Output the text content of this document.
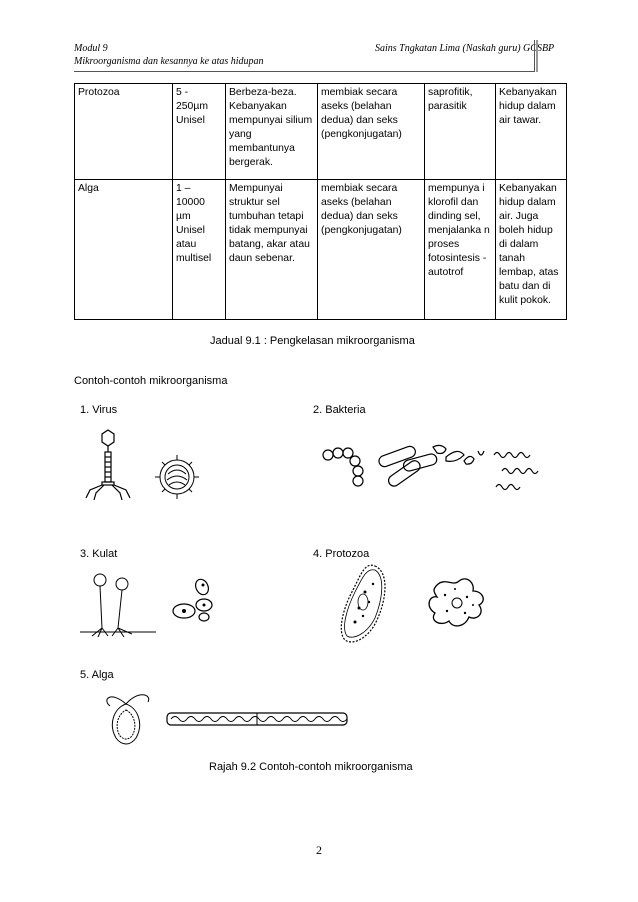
Modul 9
Mikroorganisma dan kesannya ke atas hidupan
Sains Tngkatan Lima (Naskah guru) GCSBP
Protozoa	5 - 250µm Unisel	Berbeza-beza. Kebanyakan mempunyai silium yang membantunya bergerak.	membiak secara aseks (belahan dedua) dan seks (pengkonjugatan)	saprofitik, parasitik	Kebanyakan hidup dalam air tawar.
Alga	1 – 10000 µm Unisel atau multisel	Mempunyai struktur sel tumbuhan tetapi tidak mempunyai batang, akar atau daun sebenar.	membiak secara aseks (belahan dedua) dan seks (pengkonjugatan)	mempunya i klorofil dan dinding sel, menjalanka n proses fotosintesis - autotrof	Kebanyakan hidup dalam air. Juga boleh hidup di dalam tanah lembap, atas batu dan di kulit pokok.
Jadual 9.1 : Pengkelasan mikroorganisma
Contoh-contoh mikroorganisma
1. Virus	2. Bakteria
3. Kulat	4. Protozoa
5. Alga
Rajah 9.2 Contoh-contoh mikroorganisma
2
